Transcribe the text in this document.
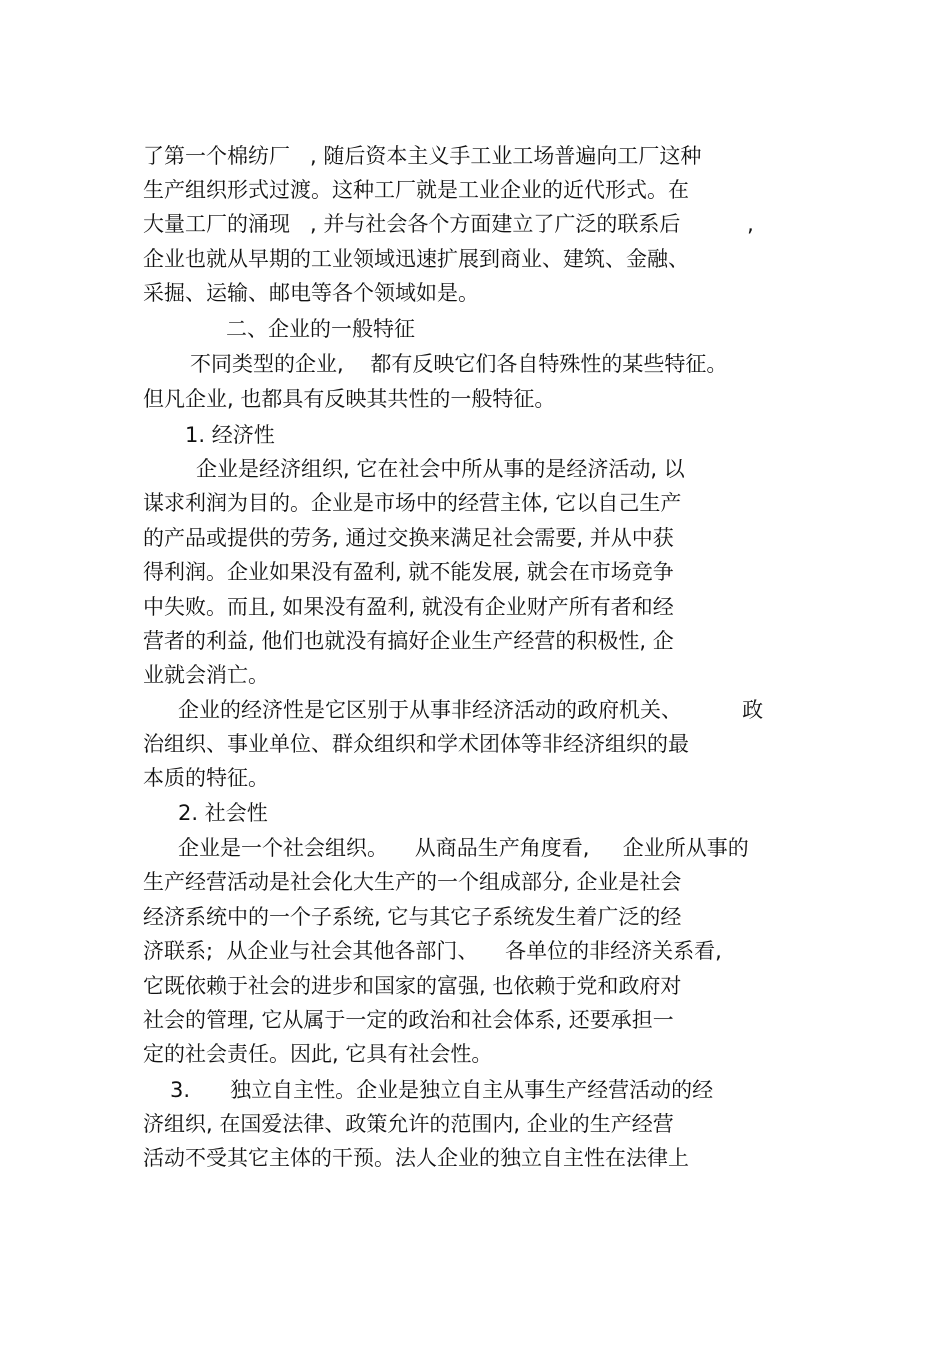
了第一个棉纺厂   , 随后资本主义手工业工场普遍向工厂这种

生产组织形式过渡。这种工厂就是工业企业的近代形式。在

大量工厂的涌现   , 并与社会各个方面建立了广泛的联系后          ,

企业也就从早期的工业领域迅速扩展到商业、建筑、金融、

采掘、运输、邮电等各个领域如是。

二、企业的一般特征

不同类型的企业,    都有反映它们各自特殊性的某些特征。

但凡企业, 也都具有反映其共性的一般特征。

1. 经济性

企业是经济组织, 它在社会中所从事的是经济活动, 以

谋求利润为目的。企业是市场中的经营主体, 它以自己生产

的产品或提供的劳务, 通过交换来满足社会需要, 并从中获

得利润。企业如果没有盈利, 就不能发展, 就会在市场竞争

中失败。而且, 如果没有盈利, 就没有企业财产所有者和经

营者的利益, 他们也就没有搞好企业生产经营的积极性, 企

业就会消亡。

企业的经济性是它区别于从事非经济活动的政府机关、         政

治组织、事业单位、群众组织和学术团体等非经济组织的最

本质的特征。

2. 社会性

企业是一个社会组织。    从商品生产角度看,     企业所从事的

生产经营活动是社会化大生产的一个组成部分, 企业是社会

经济系统中的一个子系统, 它与其它子系统发生着广泛的经

济联系;  从企业与社会其他各部门、    各单位的非经济关系看,

它既依赖于社会的进步和国家的富强, 也依赖于党和政府对

社会的管理, 它从属于一定的政治和社会体系, 还要承担一

定的社会责任。因此, 它具有社会性。

3.      独立自主性。企业是独立自主从事生产经营活动的经

济组织, 在国爱法律、政策允许的范围内, 企业的生产经营

活动不受其它主体的干预。法人企业的独立自主性在法律上
